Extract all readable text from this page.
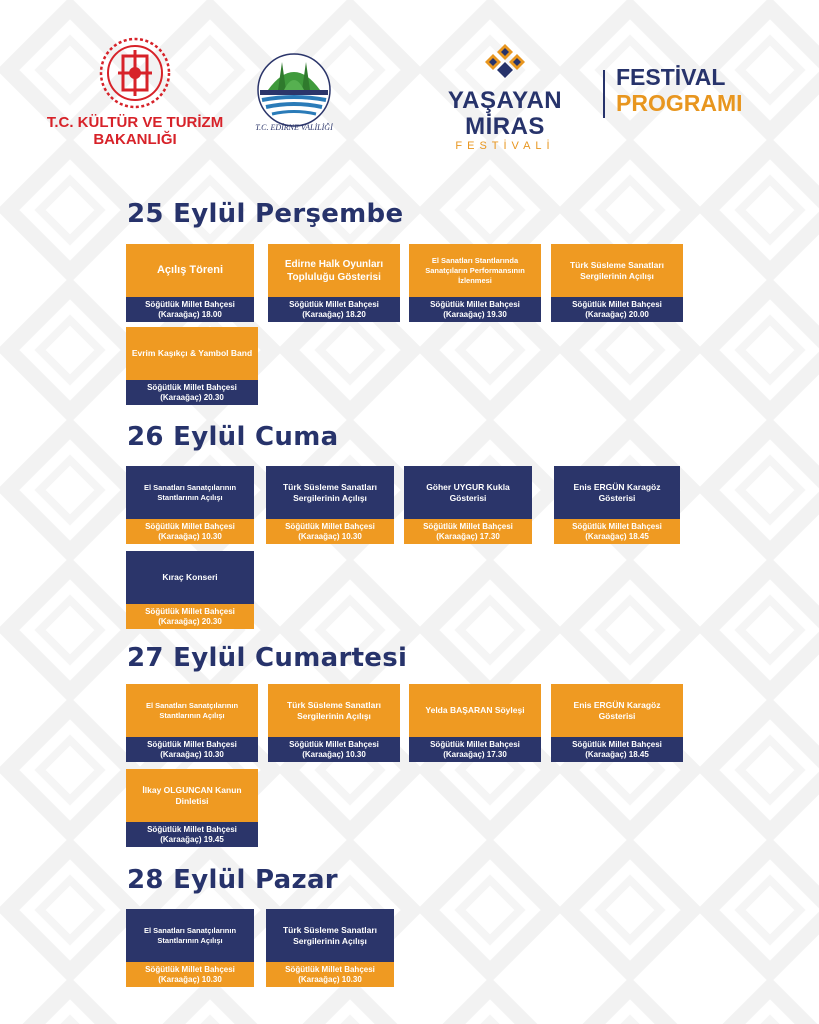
T.C. KÜLTÜR VE TURİZM
BAKANLIĞI
T.C. EDİRNE VALİLİĞİ
YAŞAYAN MİRAS
FESTİVALİ
FESTİVAL
PROGRAMI
25 Eylül Perşembe
Açılış Töreni
Söğütlük Millet Bahçesi
(Karaağaç) 18.00
Edirne Halk Oyunları Topluluğu Gösterisi
Söğütlük Millet Bahçesi
(Karaağaç) 18.20
El Sanatları Stantlarında Sanatçıların Performansının İzlenmesi
Söğütlük Millet Bahçesi
(Karaağaç) 19.30
Türk Süsleme Sanatları Sergilerinin Açılışı
Söğütlük Millet Bahçesi
(Karaağaç) 20.00
Evrim Kaşıkçı & Yambol Band
Söğütlük Millet Bahçesi
(Karaağaç) 20.30
26 Eylül Cuma
El Sanatları Sanatçılarının Stantlarının Açılışı
Söğütlük Millet Bahçesi
(Karaağaç) 10.30
Türk Süsleme Sanatları Sergilerinin Açılışı
Söğütlük Millet Bahçesi
(Karaağaç) 10.30
Göher UYGUR Kukla Gösterisi
Söğütlük Millet Bahçesi
(Karaağaç) 17.30
Enis ERGÜN Karagöz Gösterisi
Söğütlük Millet Bahçesi
(Karaağaç) 18.45
Kıraç Konseri
Söğütlük Millet Bahçesi
(Karaağaç) 20.30
27 Eylül Cumartesi
El Sanatları Sanatçılarının Stantlarının Açılışı
Söğütlük Millet Bahçesi
(Karaağaç) 10.30
Türk Süsleme Sanatları Sergilerinin Açılışı
Söğütlük Millet Bahçesi
(Karaağaç) 10.30
Yelda BAŞARAN Söyleşi
Söğütlük Millet Bahçesi
(Karaağaç) 17.30
Enis ERGÜN Karagöz Gösterisi
Söğütlük Millet Bahçesi
(Karaağaç) 18.45
İlkay OLGUNCAN Kanun Dinletisi
Söğütlük Millet Bahçesi
(Karaağaç) 19.45
28 Eylül Pazar
El Sanatları Sanatçılarının Stantlarının Açılışı
Söğütlük Millet Bahçesi
(Karaağaç) 10.30
Türk Süsleme Sanatları Sergilerinin Açılışı
Söğütlük Millet Bahçesi
(Karaağaç) 10.30
